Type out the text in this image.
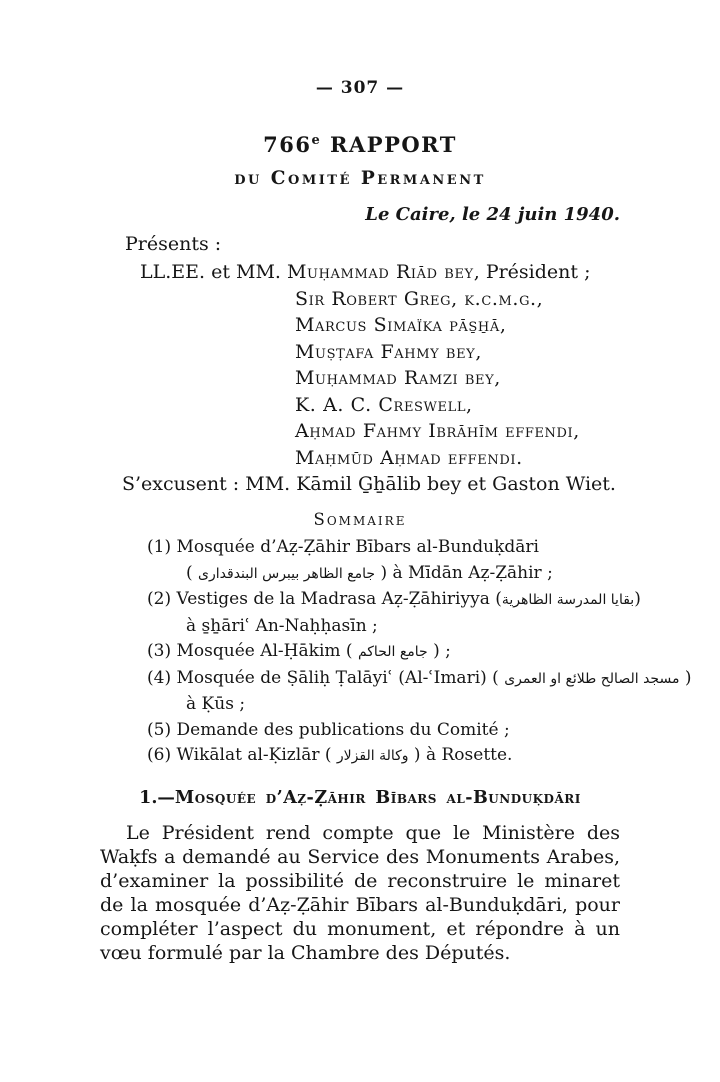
— 307 —
766e RAPPORT
du Comité Permanent
Le Caire, le 24 juin 1940.
Présents :
LL.EE. et MM. Muḥammad Riād bey, Président ;
Sir Robert Greg, k.c.m.g.,
Marcus Simaïka pās̱ẖā,
Muṣṭafa Fahmy bey,
Muḥammad Ramzi bey,
K. A. C. Creswell,
Aḥmad Fahmy Ibrāhīm effendi,
Maḥmūd Aḥmad effendi.
S’excusent : MM. Kāmil G̱ẖālib bey et Gaston Wiet.
Sommaire
(1) Mosquée d’Aẓ-Ẓāhir Bībars al-Bunduḳdāri
( جامع الظاهر بيبرس البندقدارى ) à Mīdān Aẓ-Ẓāhir ;
(2) Vestiges de la Madrasa Aẓ-Ẓāhiriyya (بقايا المدرسة الظاهرية)
à s̱ẖāriʿ An-Naḥḥasīn ;
(3) Mosquée Al-Ḥākim ( جامع الحاكم ) ;
(4) Mosquée de Ṣāliḥ Ṭalāyiʿ (Al-ʿImari) ( مسجد الصالح طلائع او العمرى )
à Ḳūs ;
(5) Demande des publications du Comité ;
(6) Wikālat al-Ḳizlār ( وكالة القزلار ) à Rosette.
1.—Mosquée d’Aẓ-Ẓāhir Bībars al-Bunduḳdāri
Le Président rend compte que le Ministère des Waḳfs a demandé au Service des Monuments Arabes, d’examiner la possibilité de reconstruire le minaret de la mosquée d’Aẓ-Ẓāhir Bībars al-Bunduḳdāri, pour compléter l’aspect du monument, et répondre à un vœu formulé par la Chambre des Députés.
